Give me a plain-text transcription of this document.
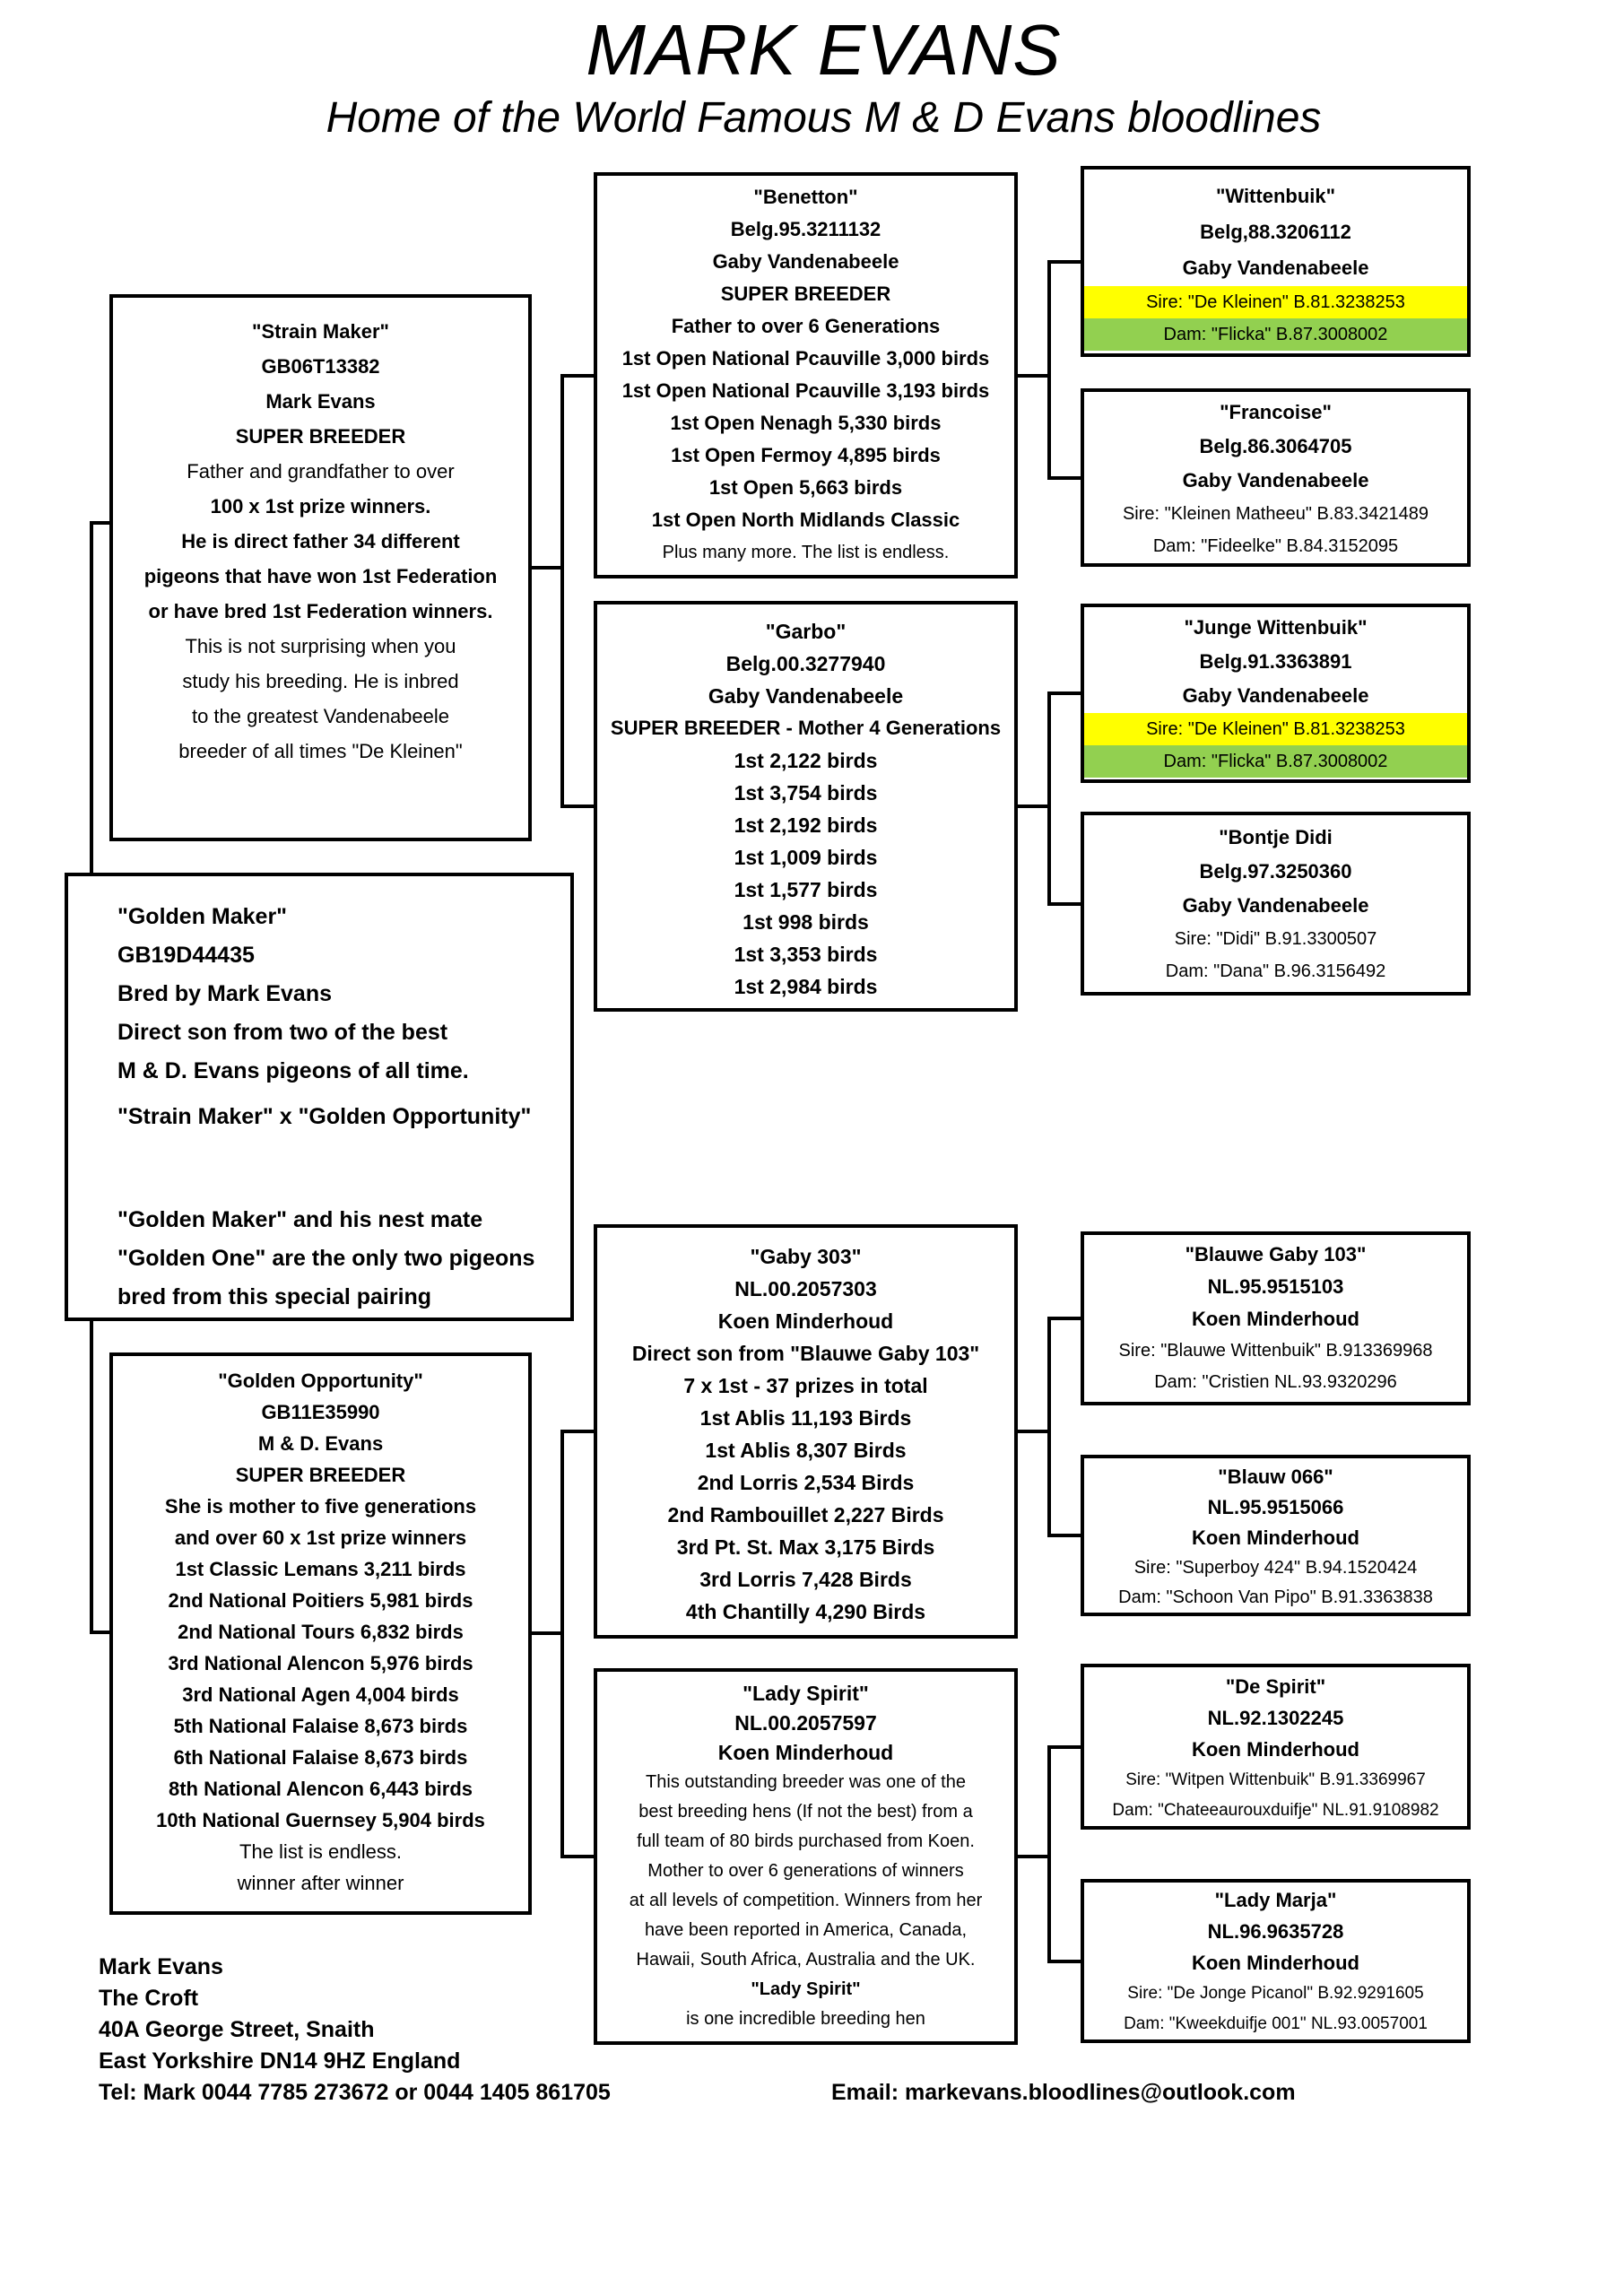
MARK EVANS
Home of the World Famous M & D Evans bloodlines
"Strain Maker"
GB06T13382
Mark Evans
SUPER BREEDER
Father and grandfather to over
100 x 1st prize winners.
He is direct father 34 different
pigeons that have won 1st Federation
or have bred 1st Federation winners.
This is not surprising when you
study his breeding. He is inbred
to the greatest Vandenabeele
breeder of all times "De Kleinen"
"Golden Maker"
GB19D44435
Bred by Mark Evans
Direct son from two of the best
M & D. Evans pigeons of all time.
"Strain Maker" x "Golden Opportunity"
"Golden Maker" and his nest mate
"Golden One" are the only two pigeons
bred from this special pairing
"Golden Opportunity"
GB11E35990
M & D. Evans
SUPER BREEDER
She is mother to five generations
and over 60 x 1st prize winners
1st Classic Lemans 3,211 birds
2nd National Poitiers 5,981 birds
2nd National Tours 6,832 birds
3rd National Alencon 5,976 birds
3rd National Agen 4,004 birds
5th National Falaise 8,673 birds
6th National Falaise 8,673 birds
8th National Alencon 6,443 birds
10th National Guernsey 5,904 birds
The list is endless.
winner after winner
"Benetton"
Belg.95.3211132
Gaby Vandenabeele
SUPER BREEDER
Father to over 6 Generations
1st Open National Pcauville 3,000 birds
1st Open National Pcauville 3,193 birds
1st Open Nenagh 5,330 birds
1st Open Fermoy 4,895 birds
1st Open 5,663 birds
1st Open North Midlands Classic
Plus many more. The list is endless.
"Garbo"
Belg.00.3277940
Gaby Vandenabeele
SUPER BREEDER - Mother 4 Generations
1st 2,122 birds
1st 3,754 birds
1st 2,192 birds
1st 1,009 birds
1st 1,577 birds
1st 998 birds
1st 3,353 birds
1st 2,984 birds
"Gaby 303"
NL.00.2057303
Koen Minderhoud
Direct son from "Blauwe Gaby 103"
7 x 1st - 37 prizes in total
1st Ablis 11,193 Birds
1st Ablis 8,307 Birds
2nd Lorris 2,534 Birds
2nd Rambouillet 2,227 Birds
3rd Pt. St. Max 3,175 Birds
3rd Lorris 7,428 Birds
4th Chantilly 4,290 Birds
"Lady Spirit"
NL.00.2057597
Koen Minderhoud
This outstanding breeder was one of the
best breeding hens (If not the best) from a
full team of 80 birds purchased from Koen.
Mother to over 6 generations of winners
at all levels of competition. Winners from her
have been reported in America, Canada,
Hawaii, South Africa, Australia and the UK.
"Lady Spirit"
is one incredible breeding hen
"Wittenbuik"
Belg,88.3206112
Gaby Vandenabeele
Sire: "De Kleinen" B.81.3238253
Dam: "Flicka" B.87.3008002
"Francoise"
Belg.86.3064705
Gaby Vandenabeele
Sire: "Kleinen Matheeu" B.83.3421489
Dam: "Fideelke" B.84.3152095
"Junge Wittenbuik"
Belg.91.3363891
Gaby Vandenabeele
Sire: "De Kleinen" B.81.3238253
Dam: "Flicka" B.87.3008002
"Bontje Didi
Belg.97.3250360
Gaby Vandenabeele
Sire: "Didi" B.91.3300507
Dam: "Dana" B.96.3156492
"Blauwe Gaby 103"
NL.95.9515103
Koen Minderhoud
Sire: "Blauwe Wittenbuik" B.913369968
Dam: "Cristien NL.93.9320296
"Blauw 066"
NL.95.9515066
Koen Minderhoud
Sire: "Superboy 424" B.94.1520424
Dam: "Schoon Van Pipo" B.91.3363838
"De Spirit"
NL.92.1302245
Koen Minderhoud
Sire: "Witpen Wittenbuik" B.91.3369967
Dam: "Chateeaurouxduifje" NL.91.9108982
"Lady Marja"
NL.96.9635728
Koen Minderhoud
Sire: "De Jonge Picanol" B.92.9291605
Dam: "Kweekduifje 001" NL.93.0057001
Mark Evans
The Croft
40A George Street, Snaith
East Yorkshire DN14 9HZ England
Tel: Mark 0044 7785 273672 or 0044 1405 861705	Email: markevans.bloodlines@outlook.com
